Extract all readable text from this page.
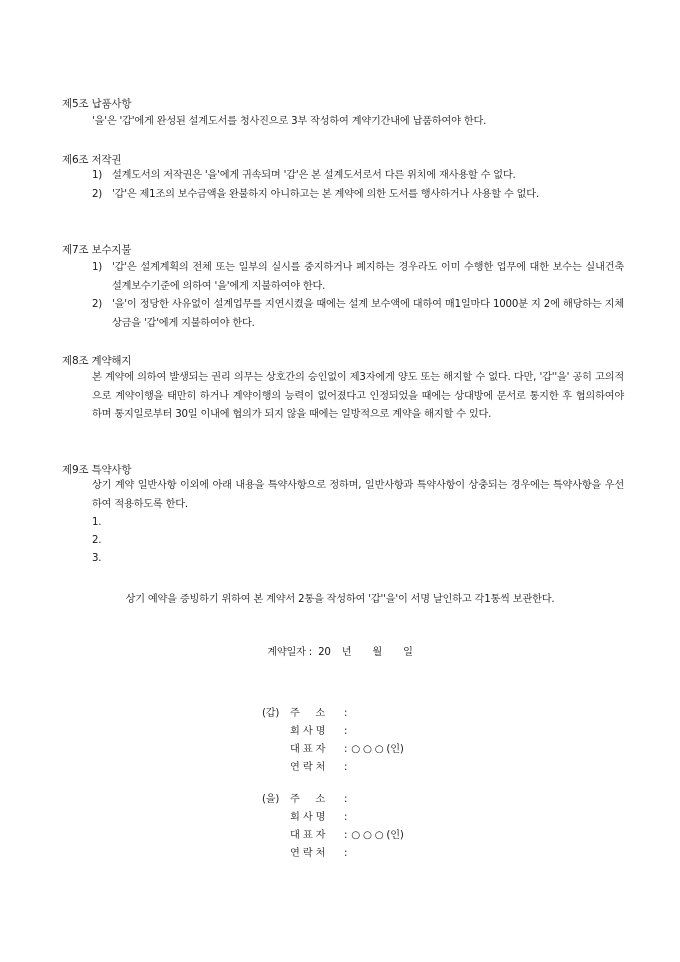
제5조 납품사항
'을'은 '갑'에게 완성된 설계도서를 청사진으로 3부 작성하여 계약기간내에 납품하여야 한다.
제6조 저작권
1) 설계도서의 저작권은 '을'에게 귀속되며 '갑'은 본 설계도서로서 다른 위치에 재사용할 수 없다.
2) '갑'은 제1조의 보수금액을 완불하지 아니하고는 본 계약에 의한 도서를 행사하거나 사용할 수 없다.
제7조 보수지불
1) '갑'은 설계계획의 전체 또는 일부의 실시를 중지하거나 폐지하는 경우라도 이미 수행한 업무에 대한 보수는 실내건축 설계보수기준에 의하여 '을'에게 지불하여야 한다.
2) '을'이 정당한 사유없이 설계업무를 지연시켰을 때에는 설계 보수액에 대하여 매1일마다 1000분 지 2에 해당하는 지체상금을 '갑'에게 지불하여야 한다.
제8조 계약해지
본 계약에 의하여 발생되는 권리 의무는 상호간의 승인없이 제3자에게 양도 또는 해지할 수 없다. 다만, '갑''을' 공히 고의적으로 계약이행을 태만히 하거나 계약이행의 능력이 없어졌다고 인정되었을 때에는 상대방에 문서로 통지한 후 협의하여야 하며 통지일로부터 30일 이내에 협의가 되지 않을 때에는 일방적으로 계약을 해지할 수 있다.
제9조 특약사항
상기 계약 일반사항 이외에 아래 내용을 특약사항으로 정하며, 일반사항과 특약사항이 상충되는 경우에는 특약사항을 우선하여 적용하도록 한다.
1.
2.
3.
상기 예약을 증빙하기 위하여 본 계약서 2통을 작성하여 '갑''을'이 서명 날인하고 각1통씩 보관한다.
계약일자 : 20 년 월 일
(갑) 주  소 :
회사명 :
대표자 : ○ ○ ○ (인)
연락처 :
(을) 주  소 :
회사명 :
대표자 : ○ ○ ○ (인)
연락처 :
